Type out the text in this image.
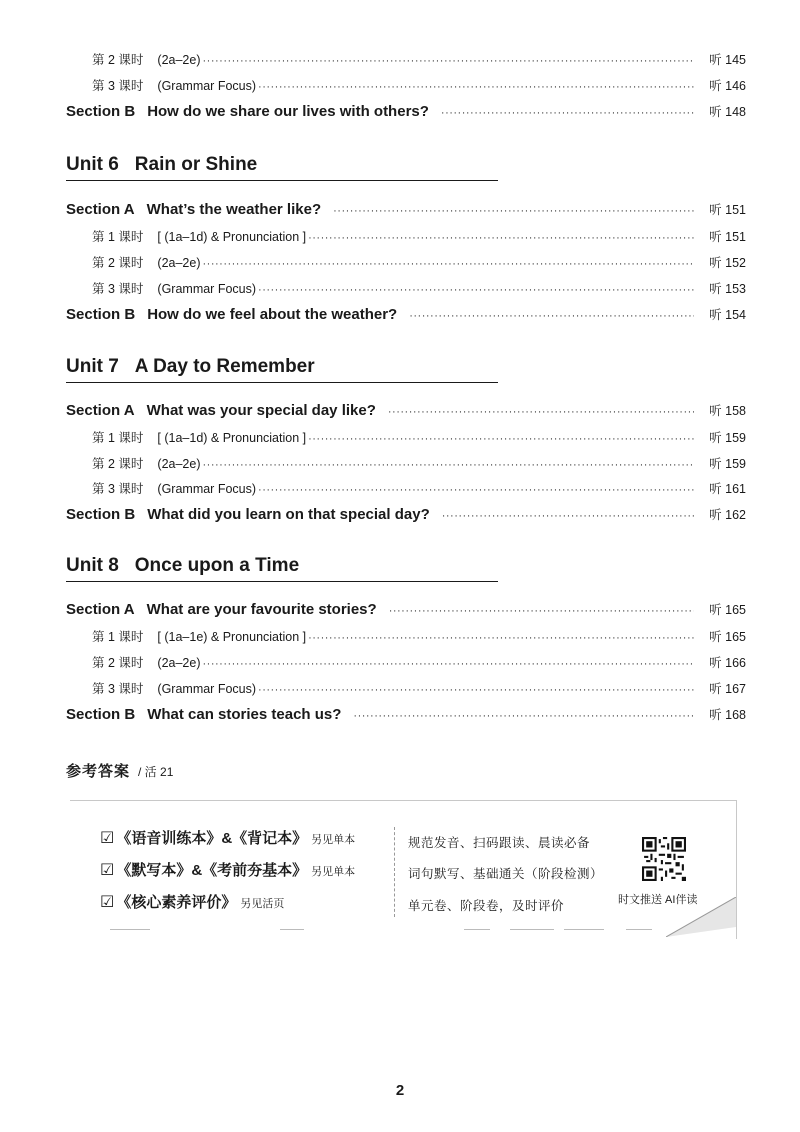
第 2 课时 (2a–2e) ·····	听 145
第 3 课时 (Grammar Focus) ·····	听 146
Section B How do we share our lives with others? ·····	听 148
Unit 6 Rain or Shine
Section A What’s the weather like? ·····	听 151
第 1 课时 [ (1a–1d) & Pronunciation ] ·····	听 151
第 2 课时 (2a–2e) ·····	听 152
第 3 课时 (Grammar Focus) ·····	听 153
Section B How do we feel about the weather? ·····	听 154
Unit 7 A Day to Remember
Section A What was your special day like? ·····	听 158
第 1 课时 [ (1a–1d) & Pronunciation ] ·····	听 159
第 2 课时 (2a–2e) ·····	听 159
第 3 课时 (Grammar Focus) ·····	听 161
Section B What did you learn on that special day? ·····	听 162
Unit 8 Once upon a Time
Section A What are your favourite stories? ·····	听 165
第 1 课时 [ (1a–1e) & Pronunciation ] ·····	听 165
第 2 课时 (2a–2e) ·····	听 166
第 3 课时 (Grammar Focus) ·····	听 167
Section B What can stories teach us? ·····	听 168
参考答案 / 活 21
☑ 《语音训练本》&《背记本》 另见单本
☑ 《默写本》&《考前夯基本》 另见单本
☑ 《核心素养评价》 另见活页
规范发音、扫码跟读、晨读必备
词句默写、基础通关（阶段检测）
单元卷、阶段卷，及时评价	时文推送 AI伴读
2
